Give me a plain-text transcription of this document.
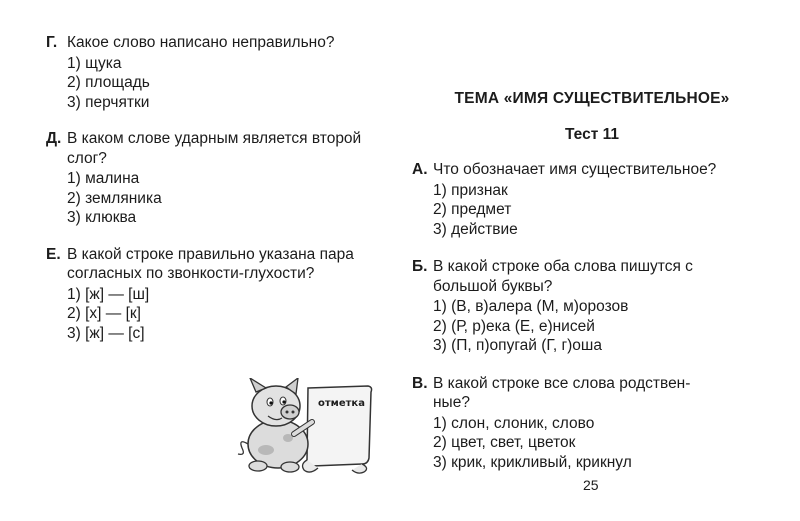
Г. Какое слово написано неправильно?
1) щука
2) площадь
3) перчятки
Д. В каком слове ударным является второй
слог?
1) малина
2) земляника
3) клюква
Е. В какой строке правильно указана пара
согласных по звонкости-глухости?
1) [ж] — [ш]
2) [х] — [к]
3) [ж] — [с]
отметка
ТЕМА «ИМЯ СУЩЕСТВИТЕЛЬНОЕ»
Тест 11
А. Что обозначает имя существительное?
1) признак
2) предмет
3) действие
Б. В какой строке оба слова пишутся с
большой буквы?
1) (В, в)алера (М, м)орозов
2) (Р, р)ека (Е, е)нисей
3) (П, п)опугай (Г, г)оша
В. В какой строке все слова родствен-
ные?
1) слон, слоник, слово
2) цвет, свет, цветок
3) крик, крикливый, крикнул
25
